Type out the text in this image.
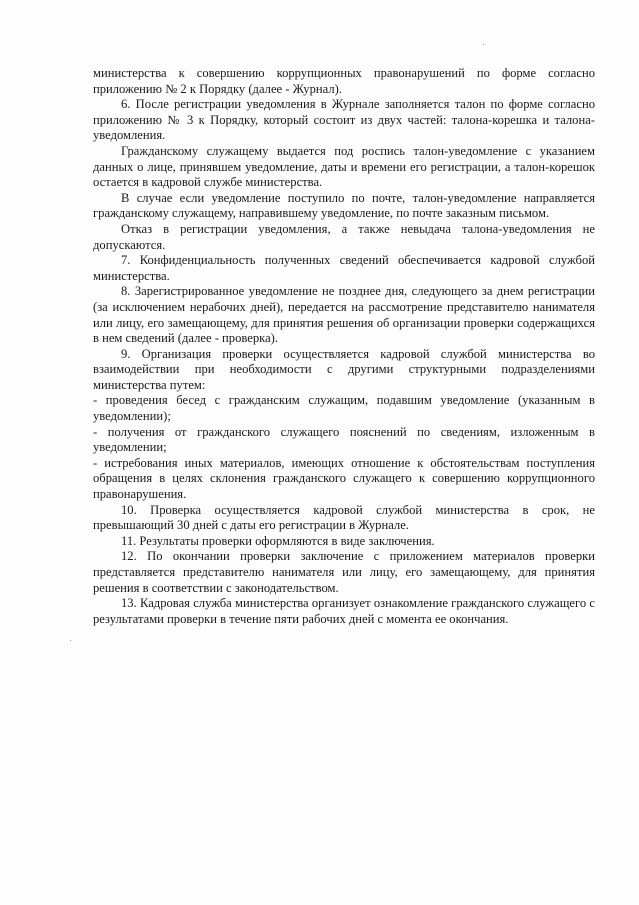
министерства к совершению коррупционных правонарушений по форме согласно приложению № 2 к Порядку (далее - Журнал).

6. После регистрации уведомления в Журнале заполняется талон по форме согласно приложению № 3 к Порядку, который состоит из двух частей: талона-корешка и талона-уведомления.

Гражданскому служащему выдается под роспись талон-уведомление с указанием данных о лице, принявшем уведомление, даты и времени его регистрации, а талон-корешок остается в кадровой службе министерства.

В случае если уведомление поступило по почте, талон-уведомление направляется гражданскому служащему, направившему уведомление, по почте заказным письмом.

Отказ в регистрации уведомления, а также невыдача талона-уведомления не допускаются.

7. Конфиденциальность полученных сведений обеспечивается кадровой службой министерства.

8. Зарегистрированное уведомление не позднее дня, следующего за днем регистрации (за исключением нерабочих дней), передается на рассмотрение представителю нанимателя или лицу, его замещающему, для принятия решения об организации проверки содержащихся в нем сведений (далее - проверка).

9. Организация проверки осуществляется кадровой службой министерства во взаимодействии при необходимости с другими структурными подразделениями министерства путем:

- проведения бесед с гражданским служащим, подавшим уведомление (указанным в уведомлении);

- получения от гражданского служащего пояснений по сведениям, изложенным в уведомлении;

- истребования иных материалов, имеющих отношение к обстоятельствам поступления обращения в целях склонения гражданского служащего к совершению коррупционного правонарушения.

10. Проверка осуществляется кадровой службой министерства в срок, не превышающий 30 дней с даты его регистрации в Журнале.

11. Результаты проверки оформляются в виде заключения.

12. По окончании проверки заключение с приложением материалов проверки представляется представителю нанимателя или лицу, его замещающему, для принятия решения в соответствии с законодательством.

13. Кадровая служба министерства организует ознакомление гражданского служащего с результатами проверки в течение пяти рабочих дней с момента ее окончания.
